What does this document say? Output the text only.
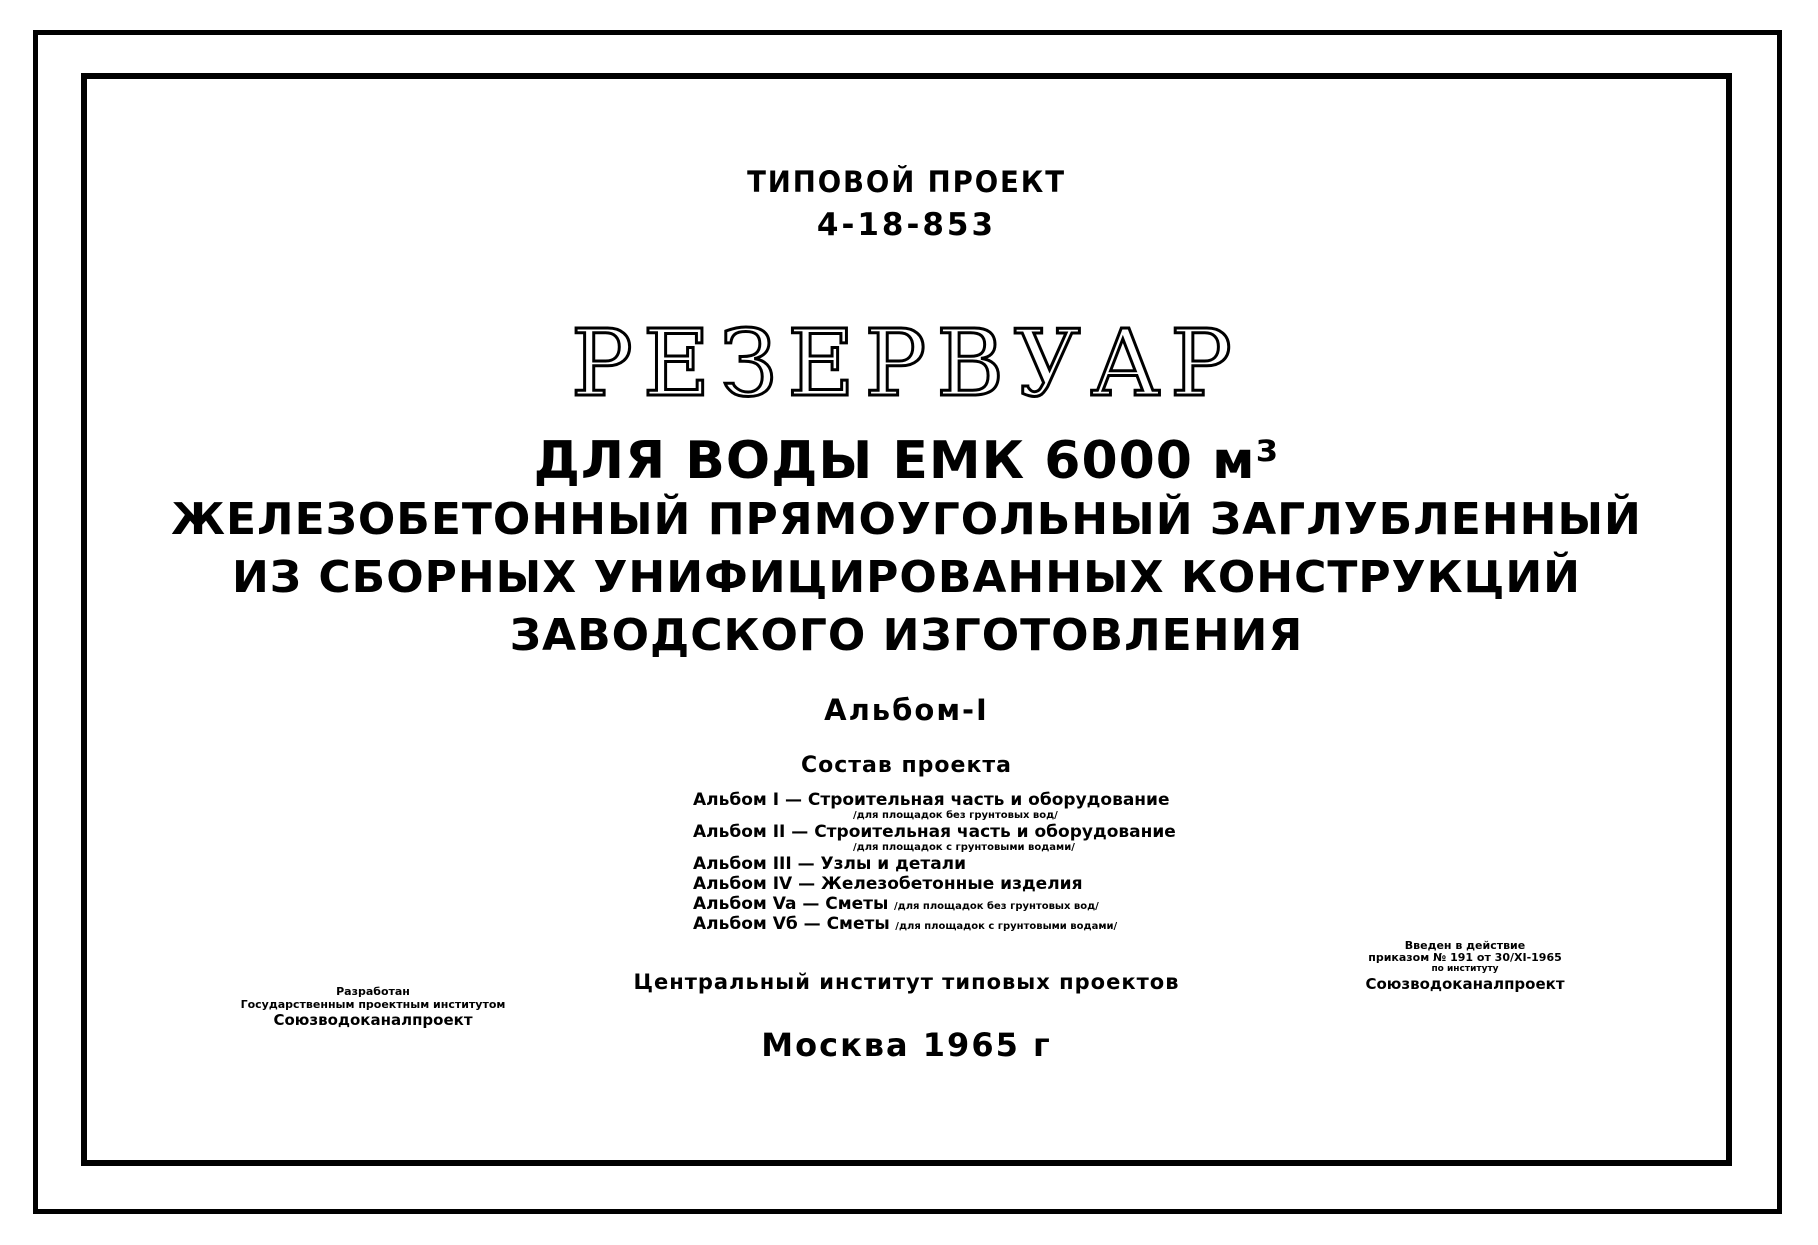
ТИПОВОЙ ПРОЕКТ
4-18-853
РЕЗЕРВУАР
ДЛЯ ВОДЫ ЕМК 6000 м³
ЖЕЛЕЗОБЕТОННЫЙ ПРЯМОУГОЛЬНЫЙ ЗАГЛУБЛЕННЫЙ
ИЗ СБОРНЫХ УНИФИЦИРОВАННЫХ КОНСТРУКЦИЙ
ЗАВОДСКОГО ИЗГОТОВЛЕНИЯ
Альбом-I
Состав проекта
Альбом I — Строительная часть и оборудование
/для площадок без грунтовых вод/
Альбом II — Строительная часть и оборудование
/для площадок с грунтовыми водами/
Альбом III — Узлы и детали
Альбом IV — Железобетонные изделия
Альбом Va — Сметы /для площадок без грунтовых вод/
Альбом Vб — Сметы /для площадок с грунтовыми водами/
Центральный институт типовых проектов
Москва 1965 г
Разработан
Государственным проектным институтом
Союзводоканалпроект
Введен в действие
приказом № 191 от 30/XI-1965
по институту
Союзводоканалпроект
